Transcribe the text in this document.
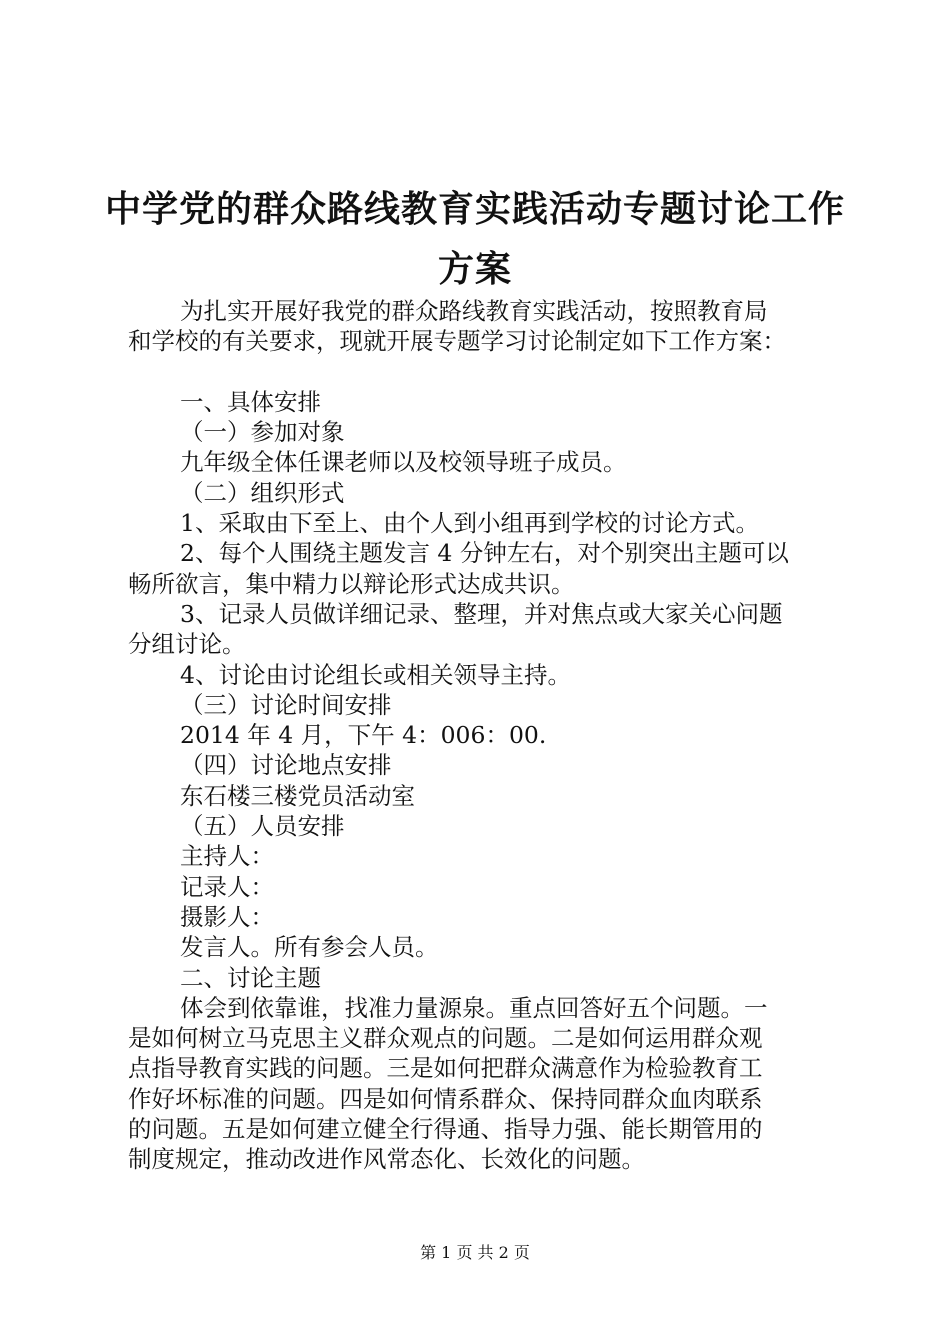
中学党的群众路线教育实践活动专题讨论工作
方案
为扎实开展好我党的群众路线教育实践活动，按照教育局
和学校的有关要求，现就开展专题学习讨论制定如下工作方案：
一、具体安排
（一）参加对象
九年级全体任课老师以及校领导班子成员。
（二）组织形式
1、采取由下至上、由个人到小组再到学校的讨论方式。
2、每个人围绕主题发言 4 分钟左右，对个别突出主题可以
畅所欲言，集中精力以辩论形式达成共识。
3、记录人员做详细记录、整理，并对焦点或大家关心问题
分组讨论。
4、讨论由讨论组长或相关领导主持。
（三）讨论时间安排
2014 年 4 月，下午 4：006：00.
（四）讨论地点安排
东石楼三楼党员活动室
（五）人员安排
主持人：
记录人：
摄影人：
发言人。所有参会人员。
二、讨论主题
体会到依靠谁，找准力量源泉。重点回答好五个问题。一
是如何树立马克思主义群众观点的问题。二是如何运用群众观
点指导教育实践的问题。三是如何把群众满意作为检验教育工
作好坏标准的问题。四是如何情系群众、保持同群众血肉联系
的问题。五是如何建立健全行得通、指导力强、能长期管用的
制度规定，推动改进作风常态化、长效化的问题。
第 1 页 共 2 页
